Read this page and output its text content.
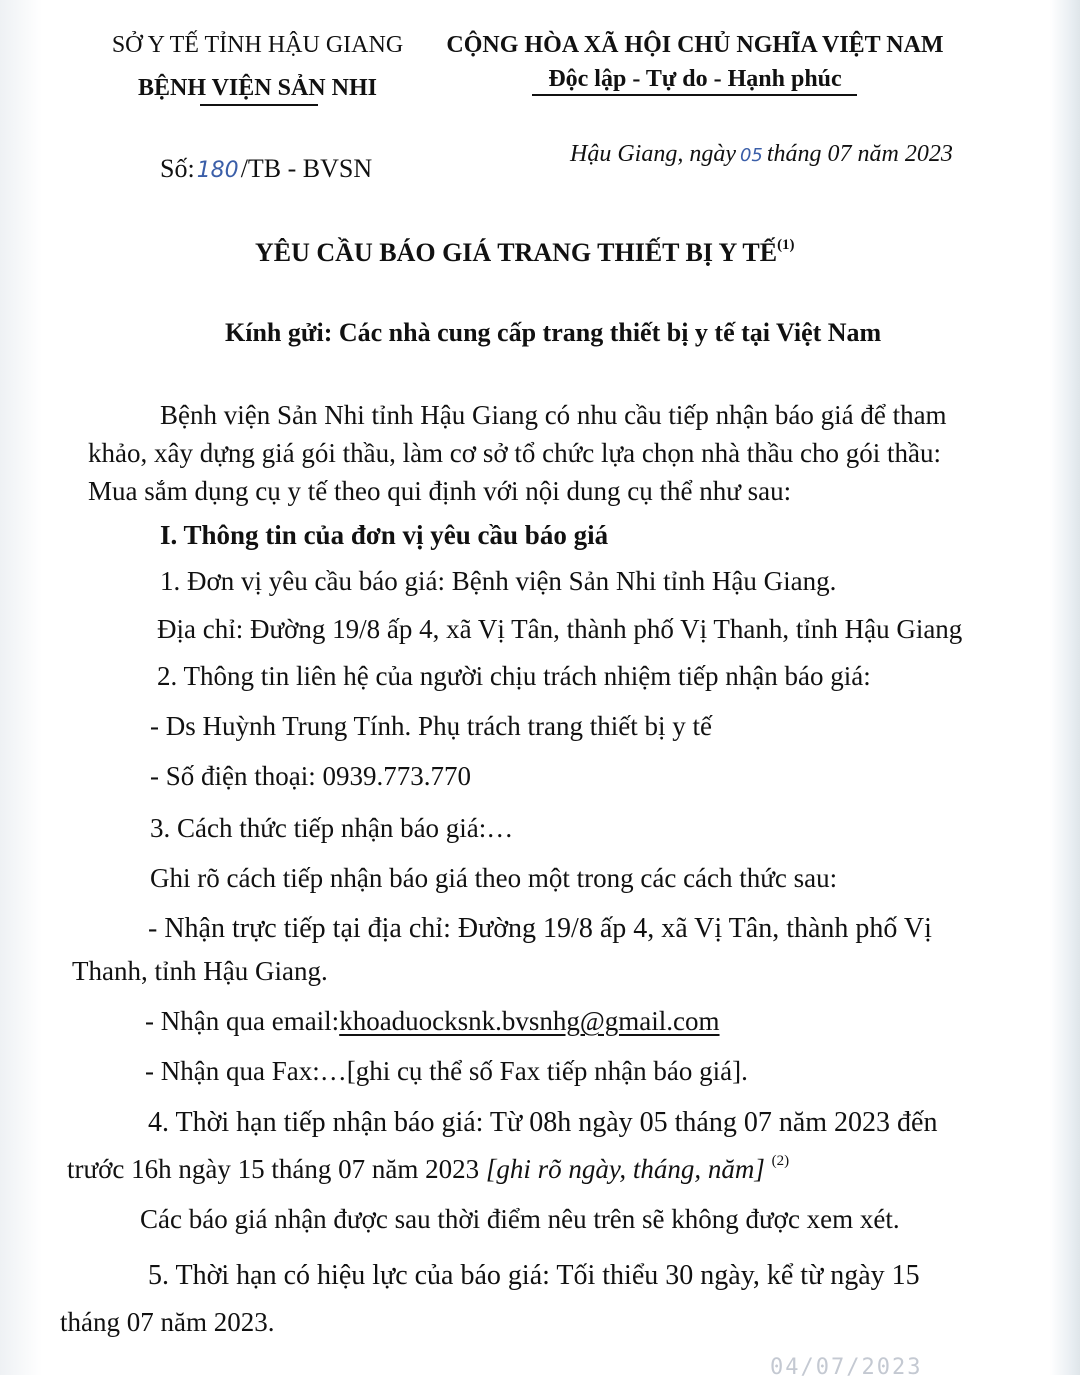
SỞ Y TẾ TỈNH HẬU GIANG
BỆNH VIỆN SẢN NHI
CỘNG HÒA XÃ HỘI CHỦ NGHĨA VIỆT NAM
Độc lập - Tự do - Hạnh phúc
Số:180/TB - BVSN	Hậu Giang, ngày 05 tháng 07 năm 2023
YÊU CẦU BÁO GIÁ TRANG THIẾT BỊ Y TẾ$^{(1)}$
Kính gửi: Các nhà cung cấp trang thiết bị y tế tại Việt Nam
Bệnh viện Sản Nhi tỉnh Hậu Giang có nhu cầu tiếp nhận báo giá để tham
khảo, xây dựng giá gói thầu, làm cơ sở tổ chức lựa chọn nhà thầu cho gói thầu:
Mua sắm dụng cụ y tế theo qui định với nội dung cụ thể như sau:
I. Thông tin của đơn vị yêu cầu báo giá
1. Đơn vị yêu cầu báo giá: Bệnh viện Sản Nhi tỉnh Hậu Giang.
Địa chỉ: Đường 19/8 ấp 4, xã Vị Tân, thành phố Vị Thanh, tỉnh Hậu Giang
2. Thông tin liên hệ của người chịu trách nhiệm tiếp nhận báo giá:
- Ds Huỳnh Trung Tính. Phụ trách trang thiết bị y tế
- Số điện thoại: 0939.773.770
3. Cách thức tiếp nhận báo giá:…
Ghi rõ cách tiếp nhận báo giá theo một trong các cách thức sau:
- Nhận trực tiếp tại địa chỉ: Đường 19/8 ấp 4, xã Vị Tân, thành phố Vị
Thanh, tỉnh Hậu Giang.
- Nhận qua email:khoaduocksnk.bvsnhg@gmail.com
- Nhận qua Fax:…[ghi cụ thể số Fax tiếp nhận báo giá].
4. Thời hạn tiếp nhận báo giá: Từ 08h ngày 05 tháng 07 năm 2023 đến
trước 16h ngày 15 tháng 07 năm 2023 [ghi rõ ngày, tháng, năm] $^{(2)}$
Các báo giá nhận được sau thời điểm nêu trên sẽ không được xem xét.
5. Thời hạn có hiệu lực của báo giá: Tối thiểu 30 ngày, kể từ ngày 15
tháng 07 năm 2023.
04/07/2023
